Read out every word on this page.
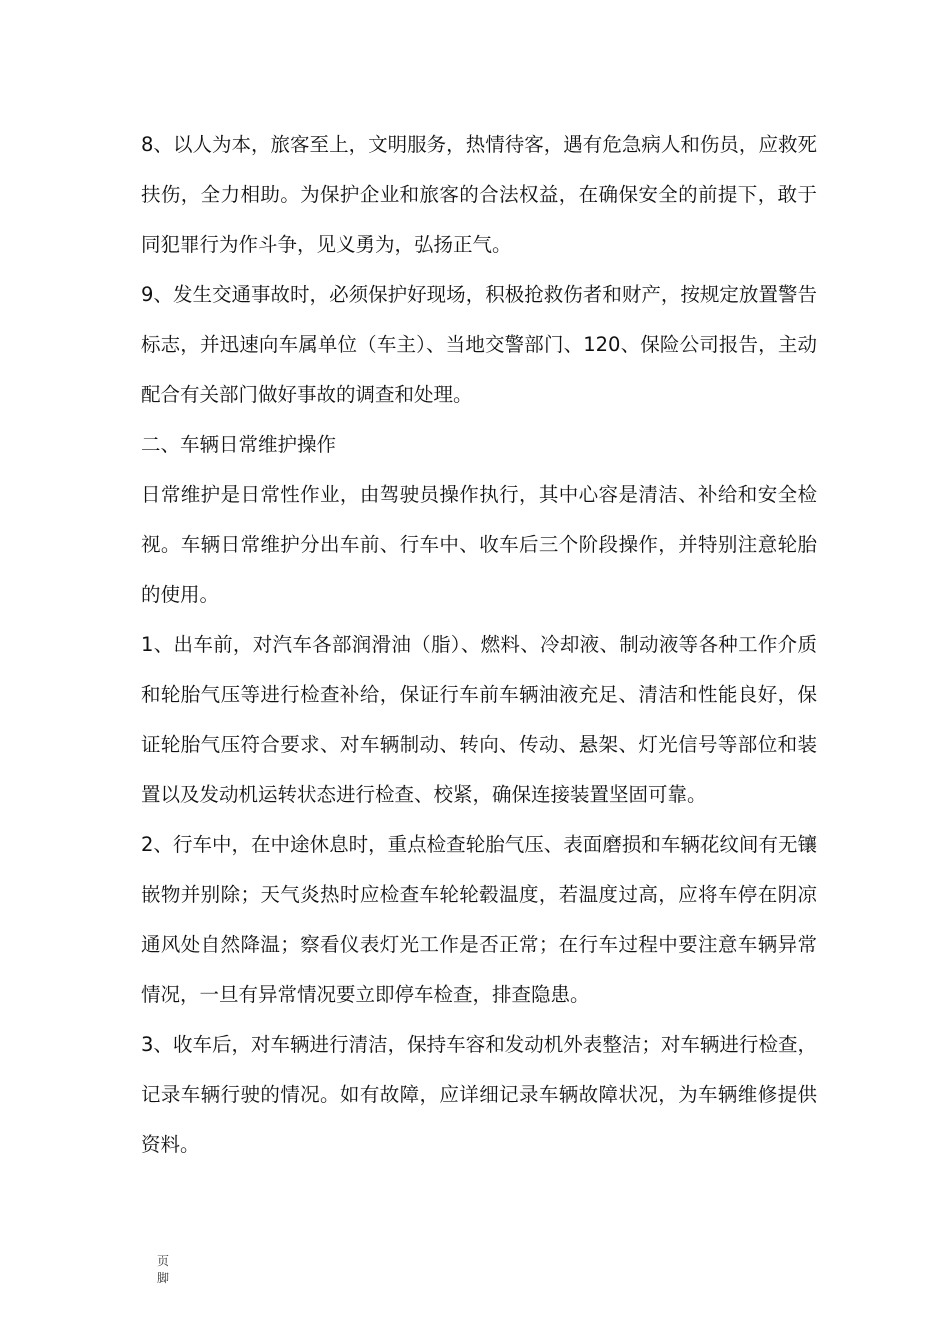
8、以人为本，旅客至上，文明服务，热情待客，遇有危急病人和伤员，应救死扶伤，全力相助。为保护企业和旅客的合法权益，在确保安全的前提下，敢于同犯罪行为作斗争，见义勇为，弘扬正气。

9、发生交通事故时，必须保护好现场，积极抢救伤者和财产，按规定放置警告标志，并迅速向车属单位（车主）、当地交警部门、120、保险公司报告，主动配合有关部门做好事故的调查和处理。

二、车辆日常维护操作

日常维护是日常性作业，由驾驶员操作执行，其中心容是清洁、补给和安全检视。车辆日常维护分出车前、行车中、收车后三个阶段操作，并特别注意轮胎的使用。

1、出车前，对汽车各部润滑油（脂）、燃料、冷却液、制动液等各种工作介质和轮胎气压等进行检查补给，保证行车前车辆油液充足、清洁和性能良好，保证轮胎气压符合要求、对车辆制动、转向、传动、悬架、灯光信号等部位和装置以及发动机运转状态进行检查、校紧，确保连接装置坚固可靠。

2、行车中，在中途休息时，重点检查轮胎气压、表面磨损和车辆花纹间有无镶嵌物并别除；天气炎热时应检查车轮轮毂温度，若温度过高，应将车停在阴凉通风处自然降温；察看仪表灯光工作是否正常；在行车过程中要注意车辆异常情况，一旦有异常情况要立即停车检查，排查隐患。

3、收车后，对车辆进行清洁，保持车容和发动机外表整洁；对车辆进行检查，记录车辆行驶的情况。如有故障，应详细记录车辆故障状况，为车辆维修提供资料。

页
脚
